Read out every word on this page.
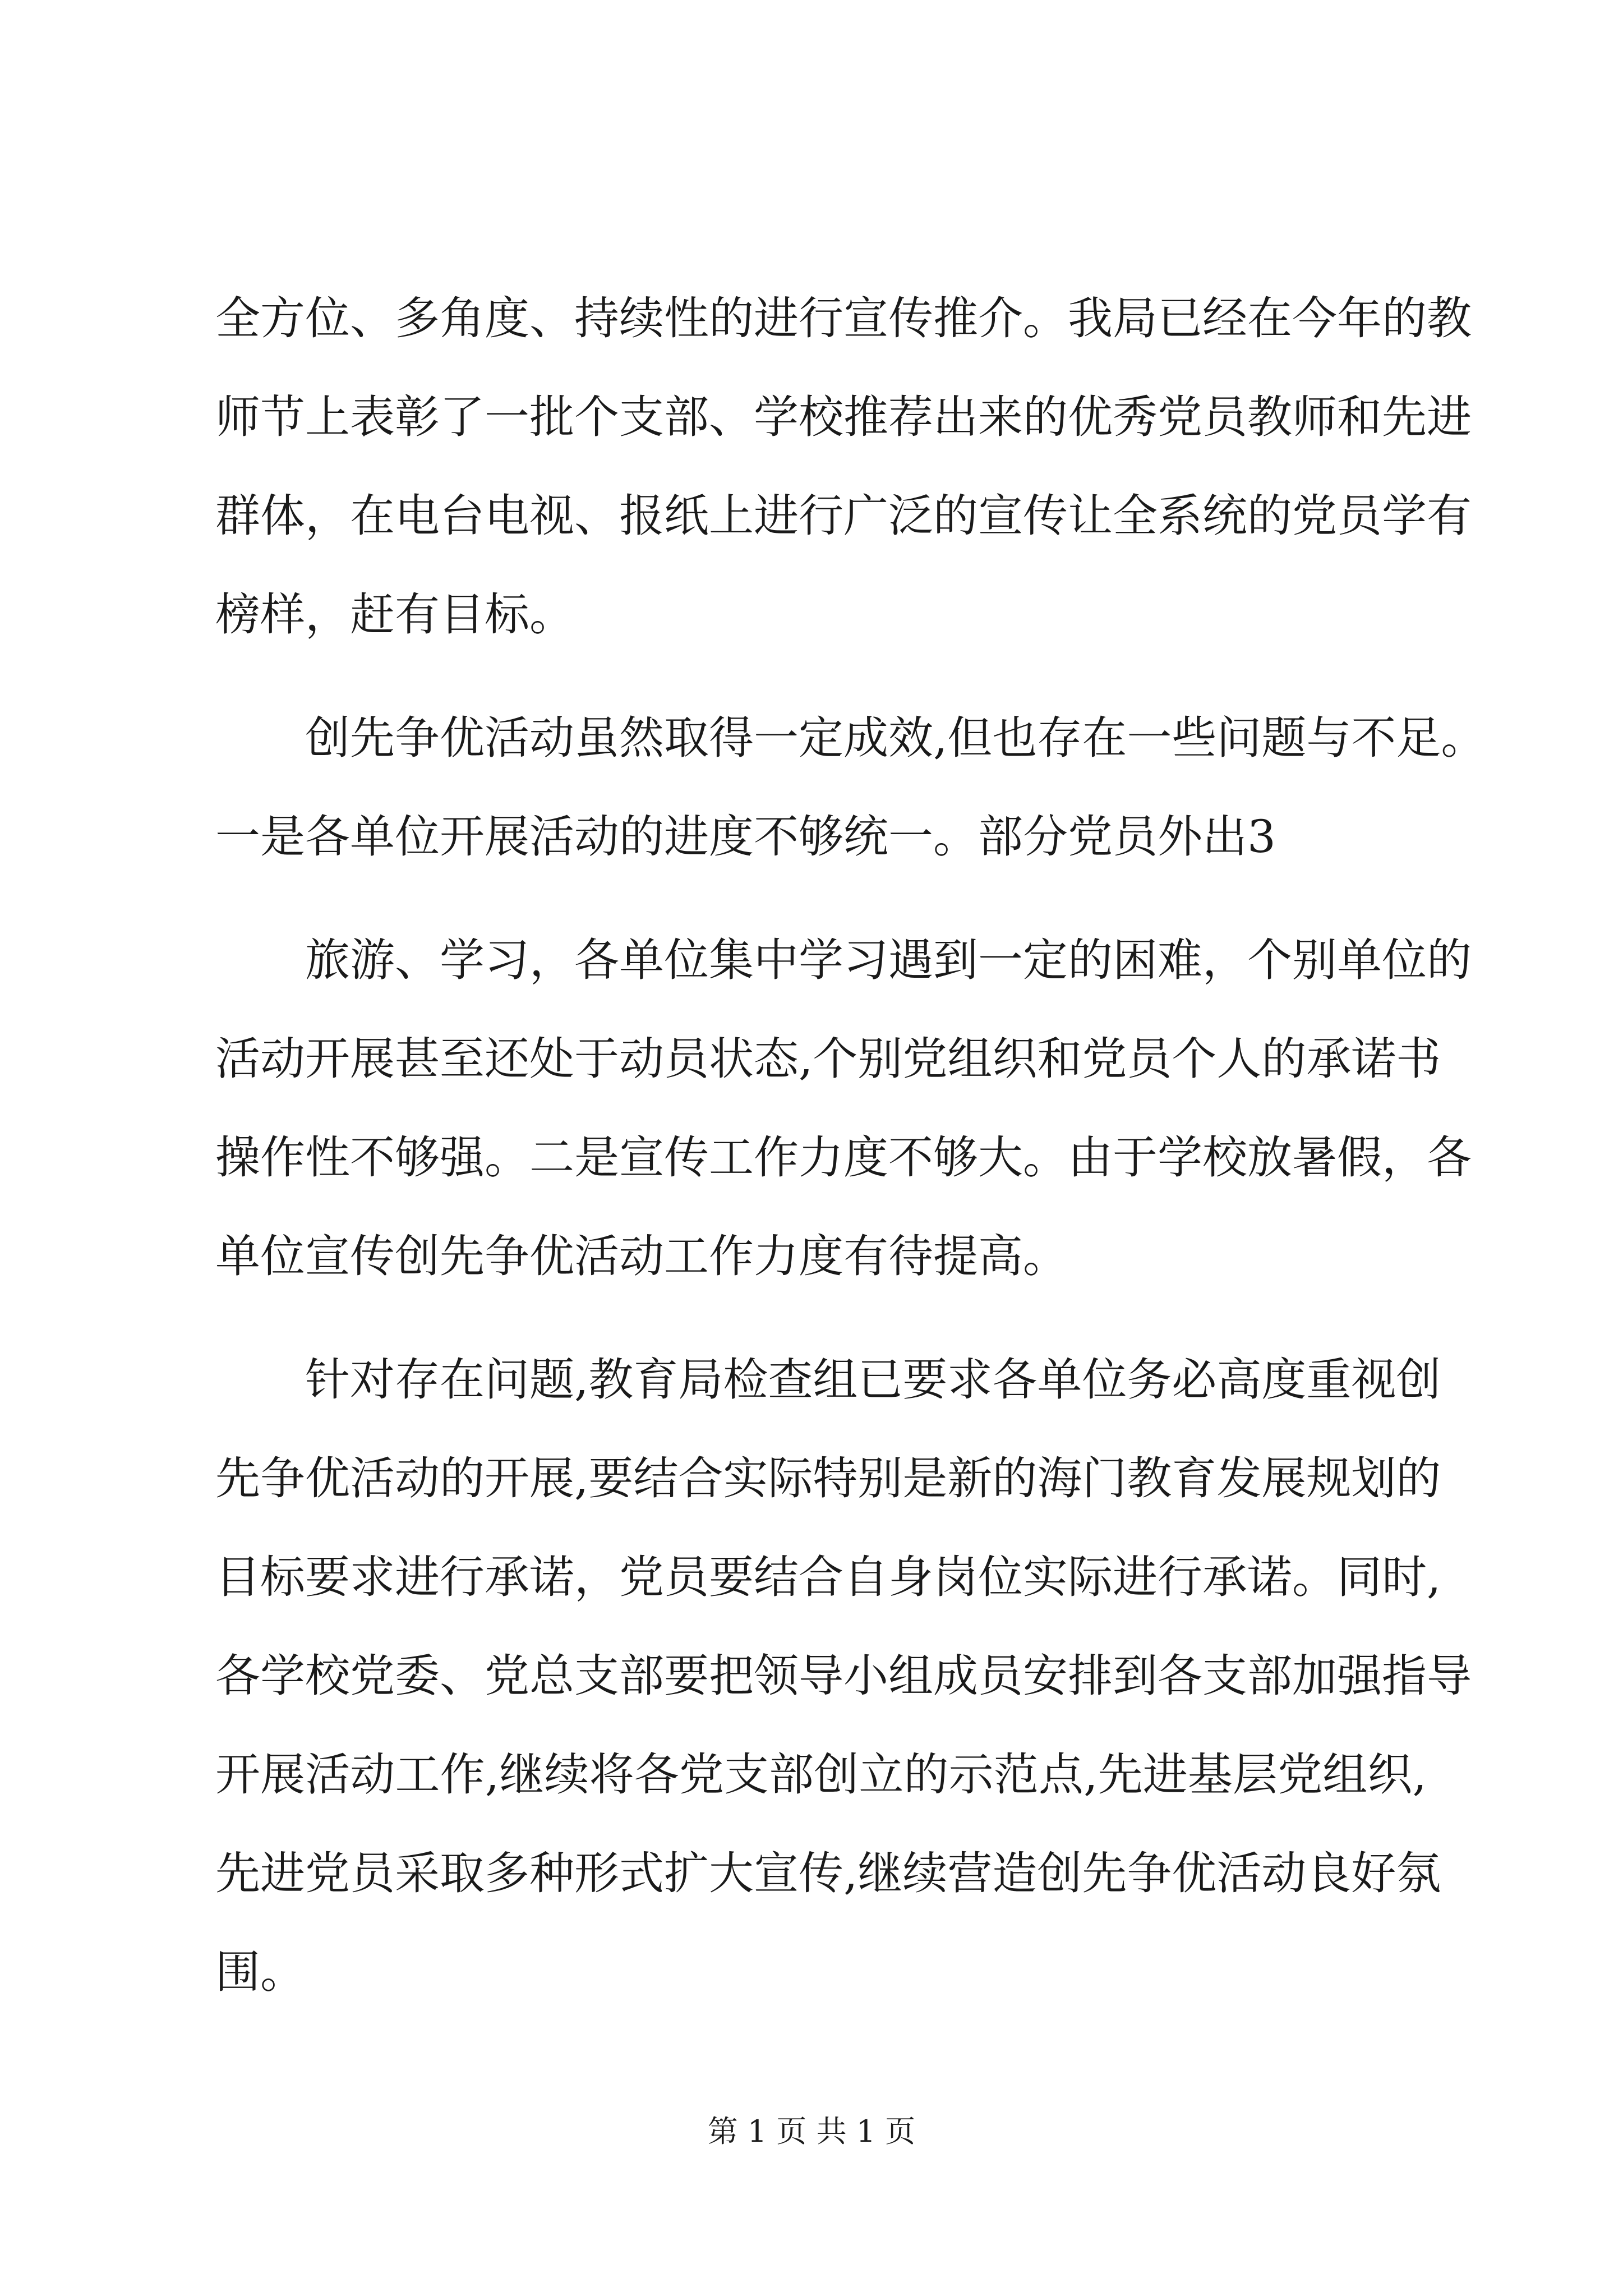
全方位、多角度、持续性的进行宣传推介。我局已经在今年的教
师节上表彰了一批个支部、学校推荐出来的优秀党员教师和先进
群体，在电台电视、报纸上进行广泛的宣传让全系统的党员学有
榜样，赶有目标。
　　创先争优活动虽然取得一定成效,但也存在一些问题与不足。
一是各单位开展活动的进度不够统一。部分党员外出3
　　旅游、学习，各单位集中学习遇到一定的困难，个别单位的
活动开展甚至还处于动员状态,个别党组织和党员个人的承诺书
操作性不够强。二是宣传工作力度不够大。由于学校放暑假，各
单位宣传创先争优活动工作力度有待提高。
　　针对存在问题,教育局检查组已要求各单位务必高度重视创
先争优活动的开展,要结合实际特别是新的海门教育发展规划的
目标要求进行承诺，党员要结合自身岗位实际进行承诺。同时,
各学校党委、党总支部要把领导小组成员安排到各支部加强指导
开展活动工作,继续将各党支部创立的示范点,先进基层党组织,
先进党员采取多种形式扩大宣传,继续营造创先争优活动良好氛
围。
第 1 页 共 1 页
